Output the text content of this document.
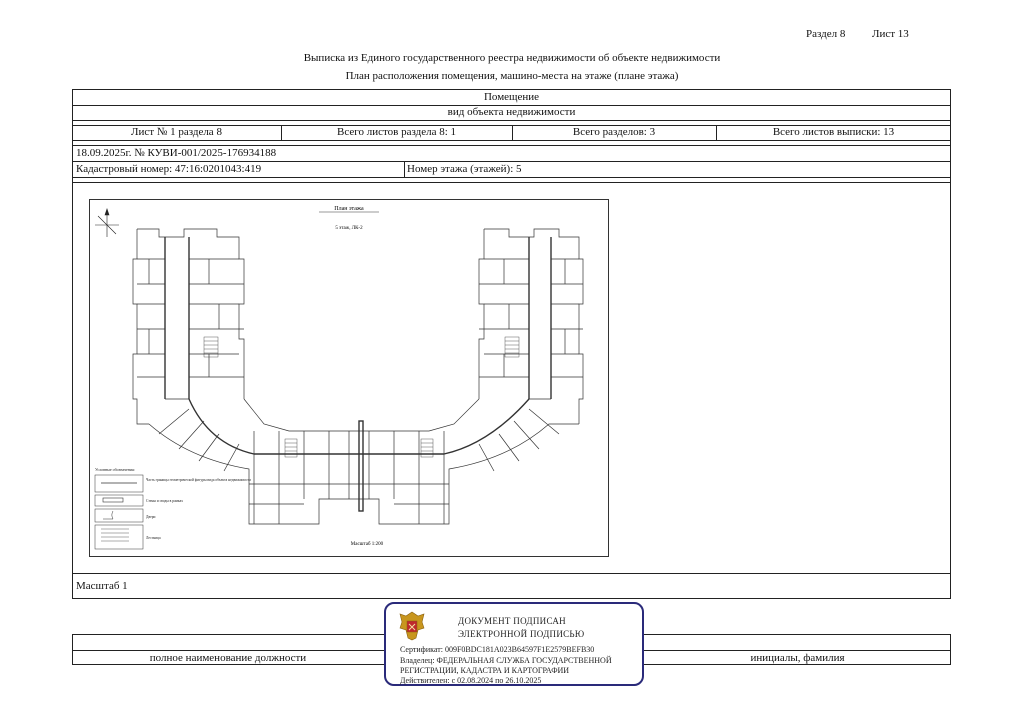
Раздел 8 Лист 13
Выписка из Единого государственного реестра недвижимости об объекте недвижимости
План расположения помещения, машино-места на этаже (плане этажа)
Помещение
вид объекта недвижимости
Лист № 1 раздела 8	Всего листов раздела 8: 1	Всего разделов: 3	Всего листов выписки: 13
18.09.2025г. № КУВИ-001/2025-176934188
Кадастровый номер: 47:16:0201043:419	Номер этажа (этажей): 5
Масштаб 1
План этажа
5 этаж, ЛК-2
Масштаб 1:200
Условные обозначения:
Часть границы геометрической фигуры вида объекта недвижимости
Стены и своды в рамках
Двери
Лестница
полное наименование должности	инициалы, фамилия
ДОКУМЕНТ ПОДПИСАН
ЭЛЕКТРОННОЙ ПОДПИСЬЮ
Сертификат: 009F0BDC181A023B64597F1E2579BEFB30
Владелец: ФЕДЕРАЛЬНАЯ СЛУЖБА ГОСУДАРСТВЕННОЙ
РЕГИСТРАЦИИ, КАДАСТРА И КАРТОГРАФИИ
Действителен: с 02.08.2024 по 26.10.2025
